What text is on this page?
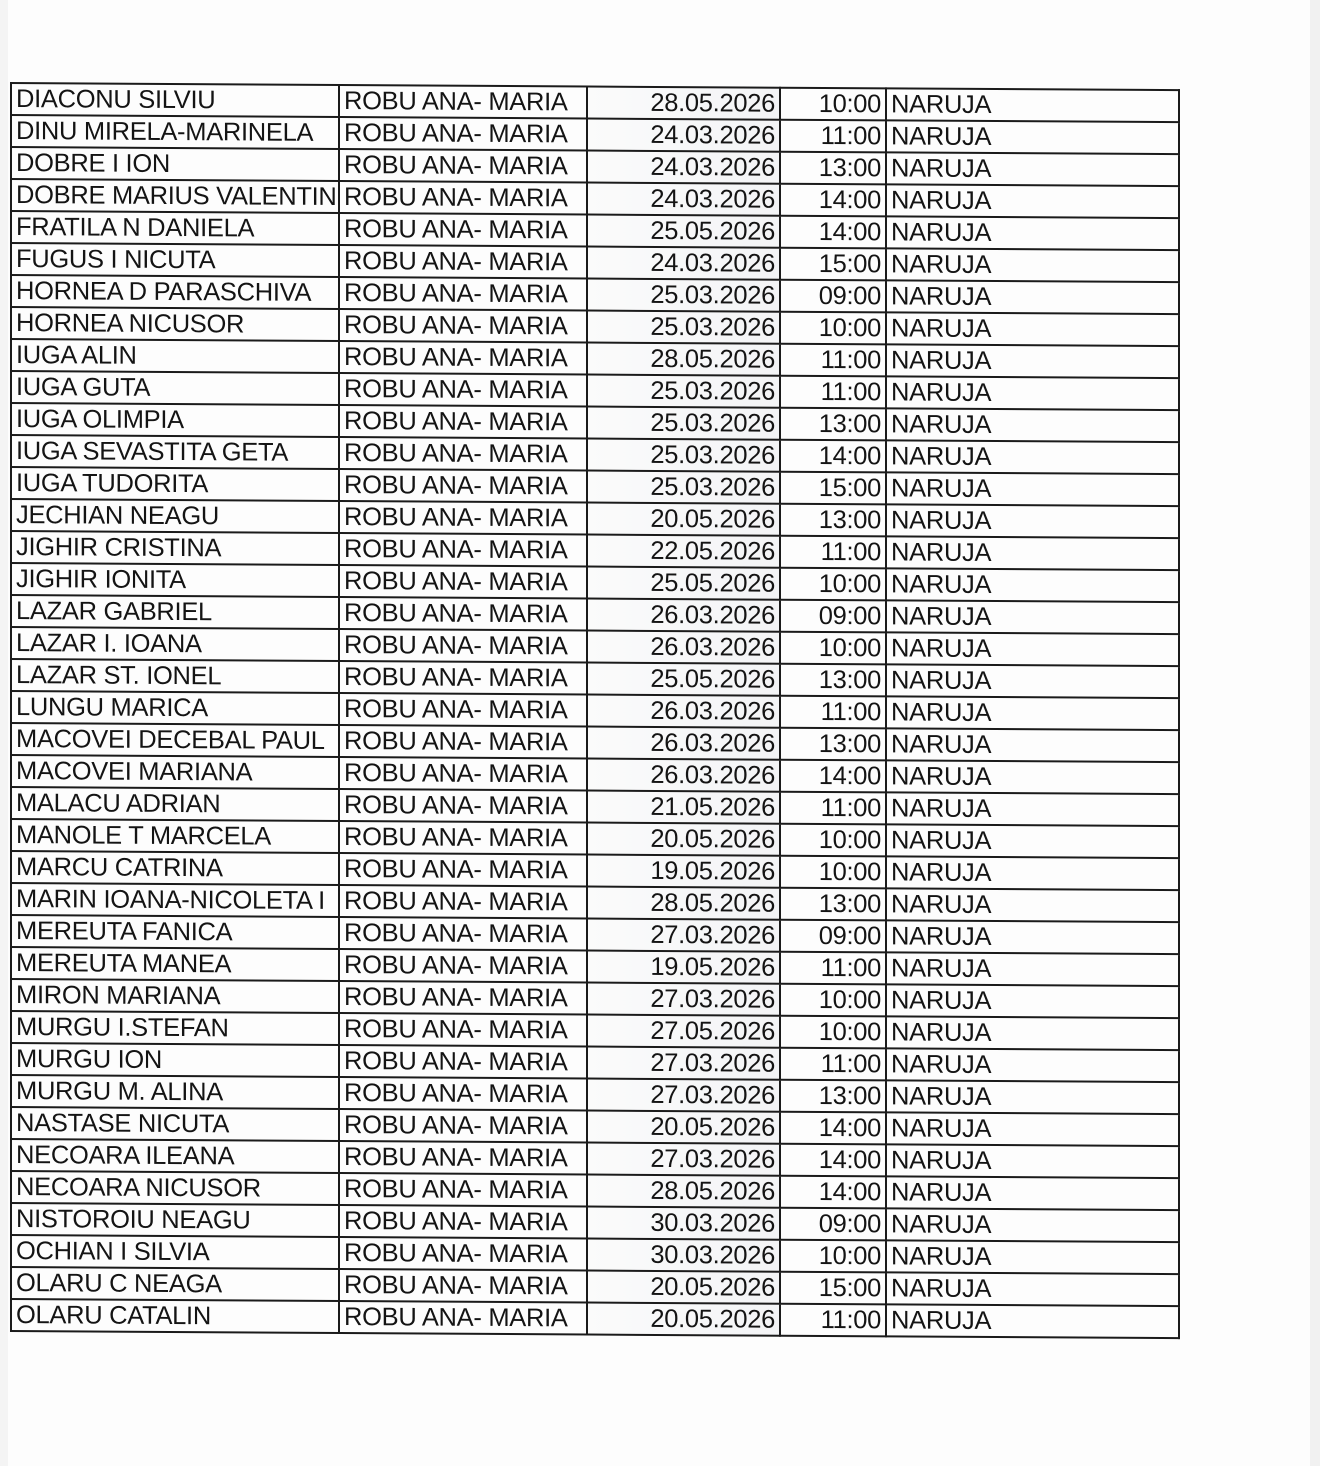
DIACONU SILVIU	ROBU ANA- MARIA	28.05.2026	10:00	NARUJA
DINU MIRELA-MARINELA	ROBU ANA- MARIA	24.03.2026	11:00	NARUJA
DOBRE I ION	ROBU ANA- MARIA	24.03.2026	13:00	NARUJA
DOBRE MARIUS VALENTIN	ROBU ANA- MARIA	24.03.2026	14:00	NARUJA
FRATILA N DANIELA	ROBU ANA- MARIA	25.05.2026	14:00	NARUJA
FUGUS I NICUTA	ROBU ANA- MARIA	24.03.2026	15:00	NARUJA
HORNEA D PARASCHIVA	ROBU ANA- MARIA	25.03.2026	09:00	NARUJA
HORNEA NICUSOR	ROBU ANA- MARIA	25.03.2026	10:00	NARUJA
IUGA ALIN	ROBU ANA- MARIA	28.05.2026	11:00	NARUJA
IUGA GUTA	ROBU ANA- MARIA	25.03.2026	11:00	NARUJA
IUGA OLIMPIA	ROBU ANA- MARIA	25.03.2026	13:00	NARUJA
IUGA SEVASTITA GETA	ROBU ANA- MARIA	25.03.2026	14:00	NARUJA
IUGA TUDORITA	ROBU ANA- MARIA	25.03.2026	15:00	NARUJA
JECHIAN NEAGU	ROBU ANA- MARIA	20.05.2026	13:00	NARUJA
JIGHIR CRISTINA	ROBU ANA- MARIA	22.05.2026	11:00	NARUJA
JIGHIR IONITA	ROBU ANA- MARIA	25.05.2026	10:00	NARUJA
LAZAR GABRIEL	ROBU ANA- MARIA	26.03.2026	09:00	NARUJA
LAZAR I. IOANA	ROBU ANA- MARIA	26.03.2026	10:00	NARUJA
LAZAR ST. IONEL	ROBU ANA- MARIA	25.05.2026	13:00	NARUJA
LUNGU MARICA	ROBU ANA- MARIA	26.03.2026	11:00	NARUJA
MACOVEI DECEBAL PAUL	ROBU ANA- MARIA	26.03.2026	13:00	NARUJA
MACOVEI MARIANA	ROBU ANA- MARIA	26.03.2026	14:00	NARUJA
MALACU ADRIAN	ROBU ANA- MARIA	21.05.2026	11:00	NARUJA
MANOLE T MARCELA	ROBU ANA- MARIA	20.05.2026	10:00	NARUJA
MARCU CATRINA	ROBU ANA- MARIA	19.05.2026	10:00	NARUJA
MARIN IOANA-NICOLETA I	ROBU ANA- MARIA	28.05.2026	13:00	NARUJA
MEREUTA FANICA	ROBU ANA- MARIA	27.03.2026	09:00	NARUJA
MEREUTA MANEA	ROBU ANA- MARIA	19.05.2026	11:00	NARUJA
MIRON MARIANA	ROBU ANA- MARIA	27.03.2026	10:00	NARUJA
MURGU I.STEFAN	ROBU ANA- MARIA	27.05.2026	10:00	NARUJA
MURGU ION	ROBU ANA- MARIA	27.03.2026	11:00	NARUJA
MURGU M. ALINA	ROBU ANA- MARIA	27.03.2026	13:00	NARUJA
NASTASE NICUTA	ROBU ANA- MARIA	20.05.2026	14:00	NARUJA
NECOARA ILEANA	ROBU ANA- MARIA	27.03.2026	14:00	NARUJA
NECOARA NICUSOR	ROBU ANA- MARIA	28.05.2026	14:00	NARUJA
NISTOROIU NEAGU	ROBU ANA- MARIA	30.03.2026	09:00	NARUJA
OCHIAN I SILVIA	ROBU ANA- MARIA	30.03.2026	10:00	NARUJA
OLARU C NEAGA	ROBU ANA- MARIA	20.05.2026	15:00	NARUJA
OLARU CATALIN	ROBU ANA- MARIA	20.05.2026	11:00	NARUJA
